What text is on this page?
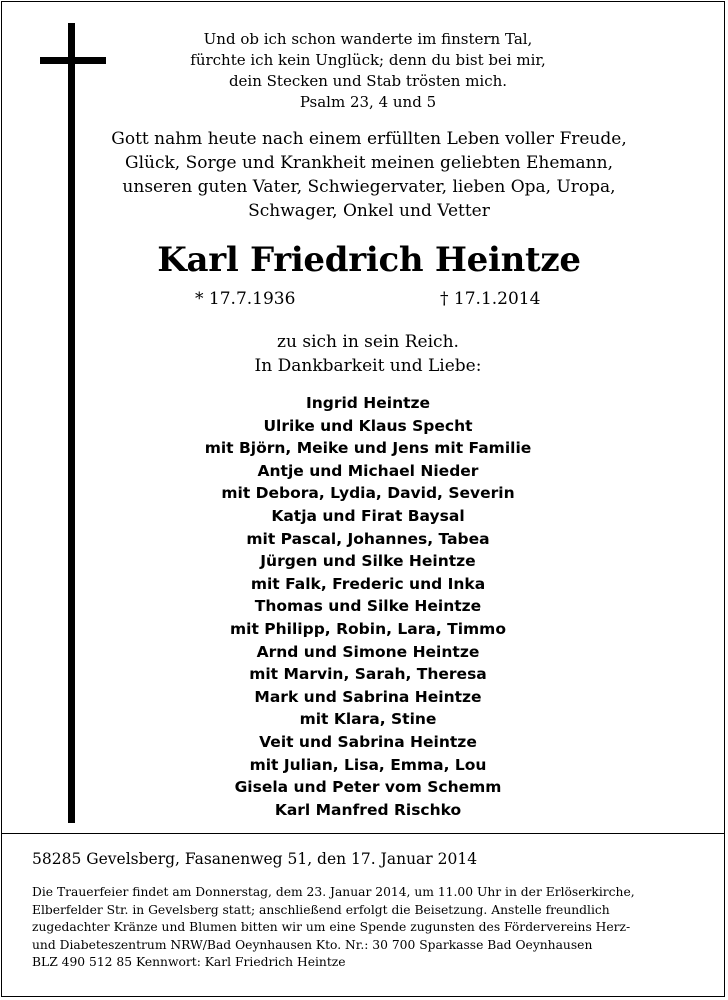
Und ob ich schon wanderte im finstern Tal,
fürchte ich kein Unglück; denn du bist bei mir,
dein Stecken und Stab trösten mich.
Psalm 23, 4 und 5
Gott nahm heute nach einem erfüllten Leben voller Freude,
Glück, Sorge und Krankheit meinen geliebten Ehemann,
unseren guten Vater, Schwiegervater, lieben Opa, Uropa,
Schwager, Onkel und Vetter
Karl Friedrich Heintze
* 17.7.1936	† 17.1.2014
zu sich in sein Reich.
In Dankbarkeit und Liebe:
Ingrid Heintze
Ulrike und Klaus Specht
mit Björn, Meike und Jens mit Familie
Antje und Michael Nieder
mit Debora, Lydia, David, Severin
Katja und Firat Baysal
mit Pascal, Johannes, Tabea
Jürgen und Silke Heintze
mit Falk, Frederic und Inka
Thomas und Silke Heintze
mit Philipp, Robin, Lara, Timmo
Arnd und Simone Heintze
mit Marvin, Sarah, Theresa
Mark und Sabrina Heintze
mit Klara, Stine
Veit und Sabrina Heintze
mit Julian, Lisa, Emma, Lou
Gisela und Peter vom Schemm
Karl Manfred Rischko
58285 Gevelsberg, Fasanenweg 51, den 17. Januar 2014
Die Trauerfeier findet am Donnerstag, dem 23. Januar 2014, um 11.00 Uhr in der Erlöserkirche,
Elberfelder Str. in Gevelsberg statt; anschließend erfolgt die Beisetzung. Anstelle freundlich
zugedachter Kränze und Blumen bitten wir um eine Spende zugunsten des Fördervereins Herz-
und Diabeteszentrum NRW/Bad Oeynhausen Kto. Nr.: 30 700 Sparkasse Bad Oeynhausen
BLZ 490 512 85 Kennwort: Karl Friedrich Heintze
